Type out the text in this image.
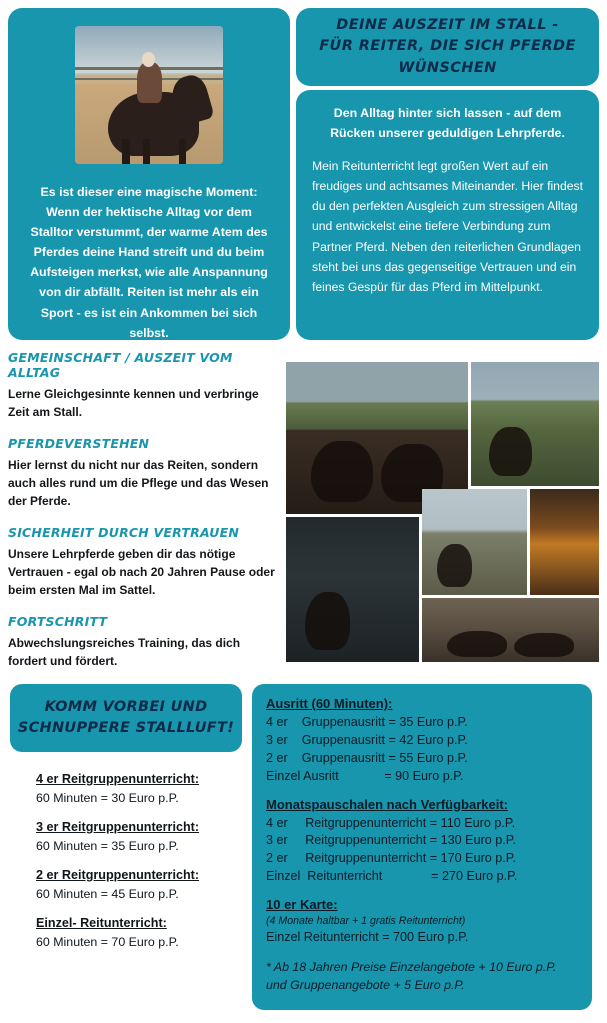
Es ist dieser eine magische Moment: Wenn der hektische Alltag vor dem Stalltor verstummt, der warme Atem des Pferdes deine Hand streift und du beim Aufsteigen merkst, wie alle Anspannung von dir abfällt. Reiten ist mehr als ein Sport - es ist ein Ankommen bei sich selbst.

DEINE AUSZEIT IM STALL -
FÜR REITER, DIE SICH PFERDE WÜNSCHEN
Den Alltag hinter sich lassen - auf dem Rücken unserer geduldigen Lehrpferde.
Mein Reitunterricht legt großen Wert auf ein freudiges und achtsames Miteinander. Hier findest du den perfekten Ausgleich zum stressigen Alltag und entwickelst eine tiefere Verbindung zum Partner Pferd. Neben den reiterlichen Grundlagen steht bei uns das gegenseitige Vertrauen und ein feines Gespür für das Pferd im Mittelpunkt.
GEMEINSCHAFT / AUSZEIT VOM ALLTAG

Lerne Gleichgesinnte kennen und verbringe Zeit am Stall.

PFERDEVERSTEHEN

Hier lernst du nicht nur das Reiten, sondern auch alles rund um die Pflege und das Wesen der Pferde.

SICHERHEIT DURCH VERTRAUEN

Unsere Lehrpferde geben dir das nötige Vertrauen - egal ob nach 20 Jahren Pause oder beim ersten Mal im Sattel.

FORTSCHRITT

Abwechslungsreiches Training, das dich fordert und fördert.

KOMM VORBEI UND
SCHNUPPERE STALLLUFT!
4 er Reitgruppenunterricht:
60 Minuten = 30 Euro p.P.
3 er Reitgruppenunterricht:
60 Minuten = 35 Euro p.P.
2 er Reitgruppenunterricht:
60 Minuten = 45 Euro p.P.
Einzel- Reitunterricht:
60 Minuten = 70 Euro p.P.
Ausritt (60 Minuten):
4 er    Gruppenausritt = 35 Euro p.P.
3 er    Gruppenausritt = 42 Euro p.P.
2 er    Gruppenausritt = 55 Euro p.P.
Einzel Ausritt             = 90 Euro p.P.
Monatspauschalen nach Verfügbarkeit:
4 er     Reitgruppenunterricht = 110 Euro p.P.
3 er     Reitgruppenunterricht = 130 Euro p.P.
2 er     Reitgruppenunterricht = 170 Euro p.P.
Einzel  Reitunterricht              = 270 Euro p.P.
10 er Karte:
(4 Monate haltbar + 1 gratis Reitunterricht)
Einzel Reitunterricht = 700 Euro p.P.
* Ab 18 Jahren Preise Einzelangebote + 10 Euro p.P. und Gruppenangebote + 5 Euro p.P.
